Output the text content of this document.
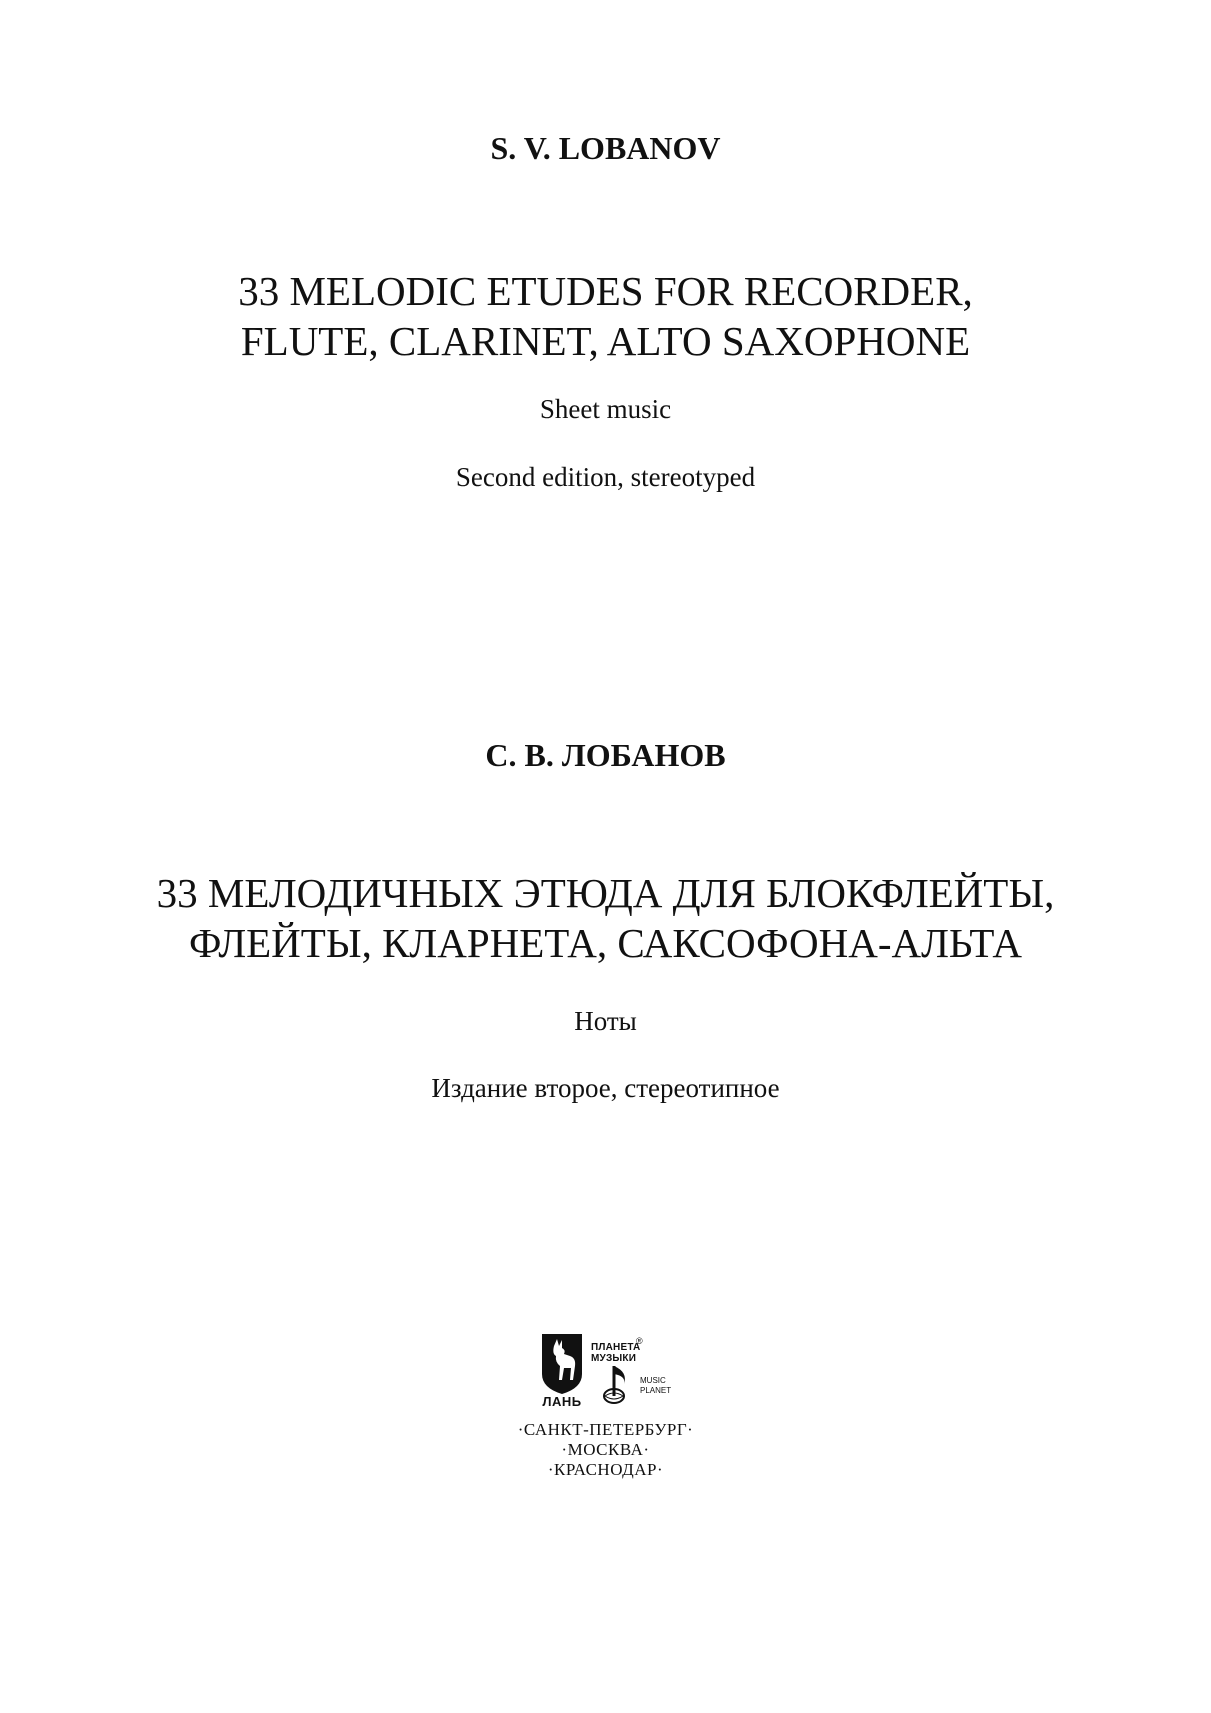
S. V. LOBANOV
33 MELODIC ETUDES FOR RECORDER,
FLUTE, CLARINET, ALTO SAXOPHONE

Sheet music

Second edition, stereotyped

С. В. ЛОБАНОВ
33 МЕЛОДИЧНЫХ ЭТЮДА ДЛЯ БЛОКФЛЕЙТЫ,
ФЛЕЙТЫ, КЛАРНЕТА, САКСОФОНА-АЛЬТА

Ноты

Издание второе, стереотипное

ЛАНЬ
ПЛАНЕТА
МУЗЫКИ
®
MUSIC
PLANET
·САНКТ-ПЕТЕРБУРГ·
·МОСКВА·
·КРАСНОДАР·
